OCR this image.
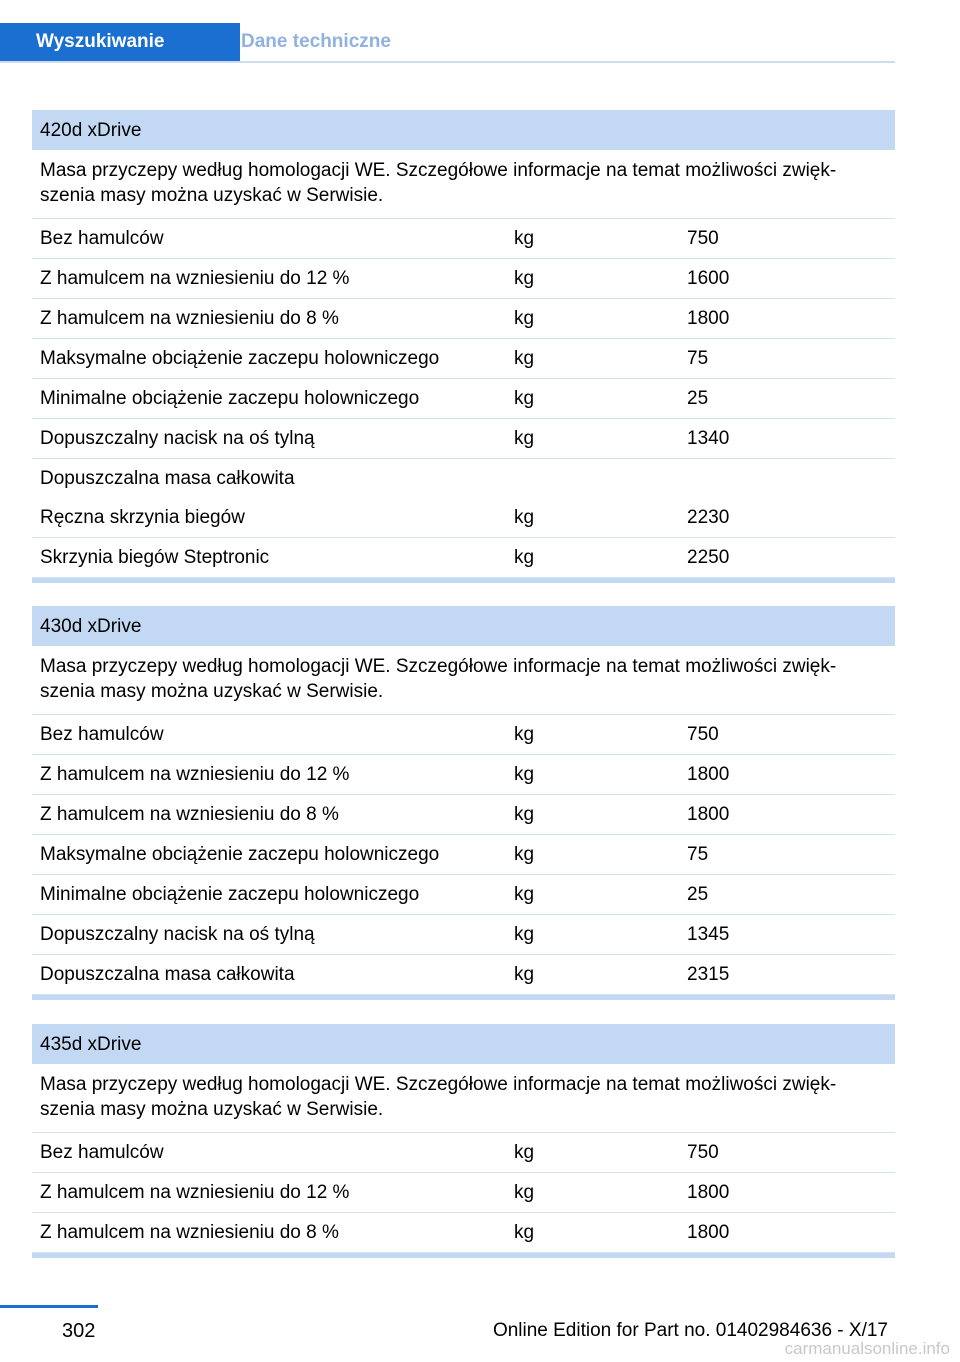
Wyszukiwanie	Dane techniczne
420d xDrive
Masa przyczepy według homologacji WE. Szczegółowe informacje na temat możliwości zwięk-szenia masy można uzyskać w Serwisie.
Bez hamulców	kg	750
Z hamulcem na wzniesieniu do 12 %	kg	1600
Z hamulcem na wzniesieniu do 8 %	kg	1800
Maksymalne obciążenie zaczepu holowniczego	kg	75
Minimalne obciążenie zaczepu holowniczego	kg	25
Dopuszczalny nacisk na oś tylną	kg	1340
Dopuszczalna masa całkowita
Ręczna skrzynia biegów	kg	2230
Skrzynia biegów Steptronic	kg	2250
430d xDrive
Masa przyczepy według homologacji WE. Szczegółowe informacje na temat możliwości zwięk-szenia masy można uzyskać w Serwisie.
Bez hamulców	kg	750
Z hamulcem na wzniesieniu do 12 %	kg	1800
Z hamulcem na wzniesieniu do 8 %	kg	1800
Maksymalne obciążenie zaczepu holowniczego	kg	75
Minimalne obciążenie zaczepu holowniczego	kg	25
Dopuszczalny nacisk na oś tylną	kg	1345
Dopuszczalna masa całkowita	kg	2315
435d xDrive
Masa przyczepy według homologacji WE. Szczegółowe informacje na temat możliwości zwięk-szenia masy można uzyskać w Serwisie.
Bez hamulców	kg	750
Z hamulcem na wzniesieniu do 12 %	kg	1800
Z hamulcem na wzniesieniu do 8 %	kg	1800
302	Online Edition for Part no. 01402984636 - X/17
carmanualsonline.info
